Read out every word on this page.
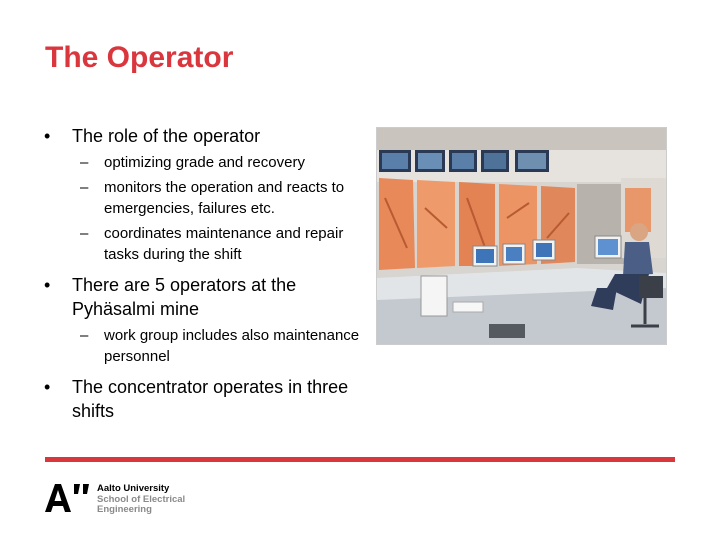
The Operator
• The role of the operator
– optimizing grade and recovery
– monitors the operation and reacts to emergencies, failures etc.
– coordinates maintenance and repair tasks during the shift
• There are 5 operators at the Pyhäsalmi mine
– work group includes also maintenance personnel
• The concentrator operates in three shifts
Aalto University
School of Electrical
Engineering
